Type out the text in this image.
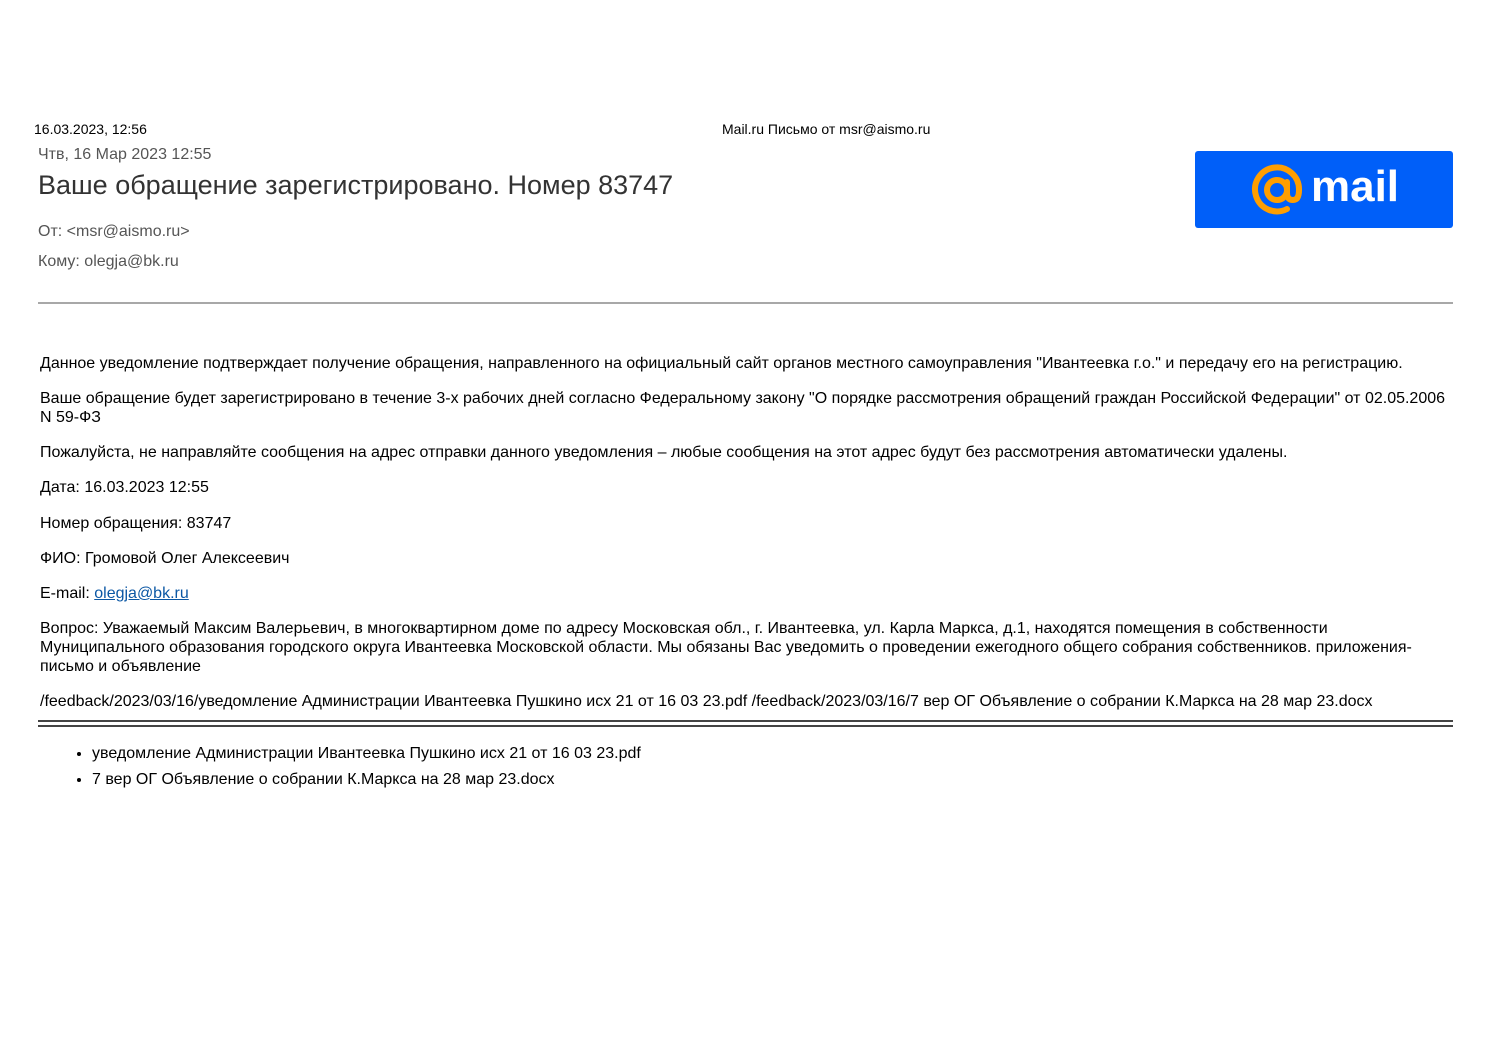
16.03.2023, 12:56	Mail.ru Письмо от msr@aismo.ru
Чтв, 16 Мар 2023 12:55
Ваше обращение зарегистрировано. Номер 83747
От: <msr@aismo.ru>
Кому: olegja@bk.ru
mail
Данное уведомление подтверждает получение обращения, направленного на официальный сайт органов местного самоуправления "Ивантеевка г.о." и передачу его на регистрацию.
Ваше обращение будет зарегистрировано в течение 3-х рабочих дней согласно Федеральному закону "О порядке рассмотрения обращений граждан Российской Федерации" от 02.05.2006 N 59-ФЗ
Пожалуйста, не направляйте сообщения на адрес отправки данного уведомления – любые сообщения на этот адрес будут без рассмотрения автоматически удалены.
Дата: 16.03.2023 12:55
Номер обращения: 83747
ФИО: Громовой Олег Алексеевич
E-mail: olegja@bk.ru
Вопрос: Уважаемый Максим Валерьевич, в многоквартирном доме по адресу Московская обл., г. Ивантеевка, ул. Карла Маркса, д.1, находятся помещения в собственности Муниципального образования городского округа Ивантеевка Московской области. Мы обязаны Вас уведомить о проведении ежегодного общего собрания собственников. приложения-письмо и объявление
/feedback/2023/03/16/уведомление Администрации Ивантеевка Пушкино исх 21 от 16 03 23.pdf /feedback/2023/03/16/7 вер ОГ Объявление о собрании К.Маркса на 28 мар 23.docx
• уведомление Администрации Ивантеевка Пушкино исх 21 от 16 03 23.pdf
• 7 вер ОГ Объявление о собрании К.Маркса на 28 мар 23.docx
